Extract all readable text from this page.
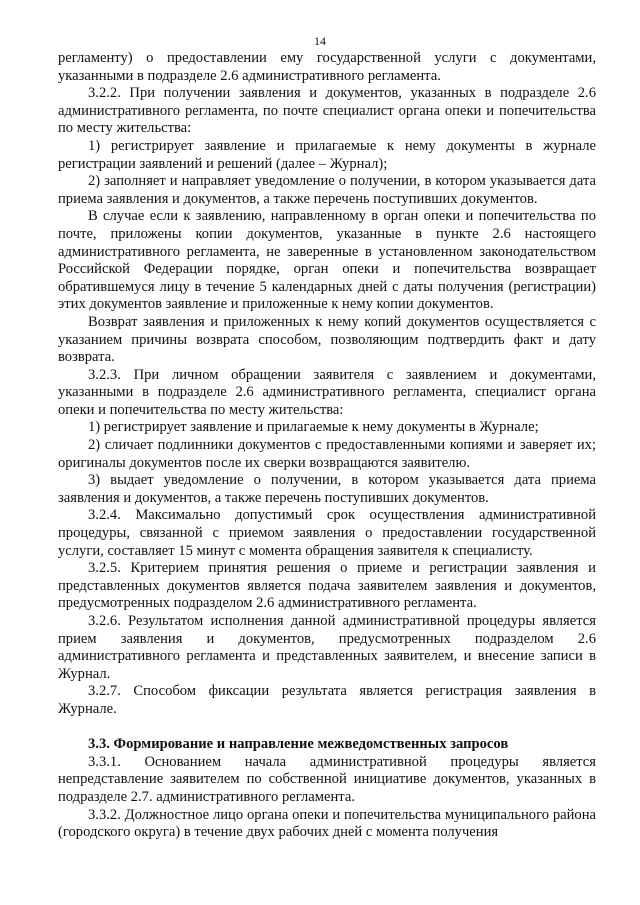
14

регламенту) о предоставлении ему государственной услуги с документами, указанными в подразделе 2.6 административного регламента.

3.2.2. При получении заявления и документов, указанных в подразделе 2.6 административного регламента, по почте специалист органа опеки и попечительства по месту жительства:

1) регистрирует заявление и прилагаемые к нему документы в журнале регистрации заявлений и решений (далее – Журнал);

2) заполняет и направляет уведомление о получении, в котором указывается дата приема заявления и документов, а также перечень поступивших документов.

В случае если к заявлению, направленному в орган опеки и попечительства по почте, приложены копии документов, указанные в пункте 2.6 настоящего административного регламента, не заверенные в установленном законодательством Российской Федерации порядке, орган опеки и попечительства возвращает обратившемуся лицу в течение 5 календарных дней с даты получения (регистрации) этих документов заявление и приложенные к нему копии документов.

Возврат заявления и приложенных к нему копий документов осуществляется с указанием причины возврата способом, позволяющим подтвердить факт и дату возврата.

3.2.3. При личном обращении заявителя с заявлением и документами, указанными в подразделе 2.6 административного регламента, специалист органа опеки и попечительства по месту жительства:

1) регистрирует заявление и прилагаемые к нему документы в Журнале;

2) сличает подлинники документов с предоставленными копиями и заверяет их; оригиналы документов после их сверки возвращаются заявителю.

3) выдает уведомление о получении, в котором указывается дата приема заявления и документов, а также перечень поступивших документов.

3.2.4. Максимально допустимый срок осуществления административной процедуры, связанной с приемом заявления о предоставлении государственной услуги, составляет 15 минут с момента обращения заявителя к специалисту.

3.2.5. Критерием принятия решения о приеме и регистрации заявления и представленных документов является подача заявителем заявления и документов, предусмотренных подразделом 2.6 административного регламента.

3.2.6. Результатом исполнения данной административной процедуры является прием заявления и документов, предусмотренных подразделом 2.6 административного регламента и представленных заявителем, и внесение записи в Журнал.

3.2.7. Способом фиксации результата является регистрация заявления в Журнале.

3.3. Формирование и направление межведомственных запросов

3.3.1. Основанием начала административной процедуры является непредставление заявителем по собственной инициативе документов, указанных в подразделе 2.7. административного регламента.

3.3.2. Должностное лицо органа опеки и попечительства муниципального района (городского округа) в течение двух рабочих дней с момента получения
